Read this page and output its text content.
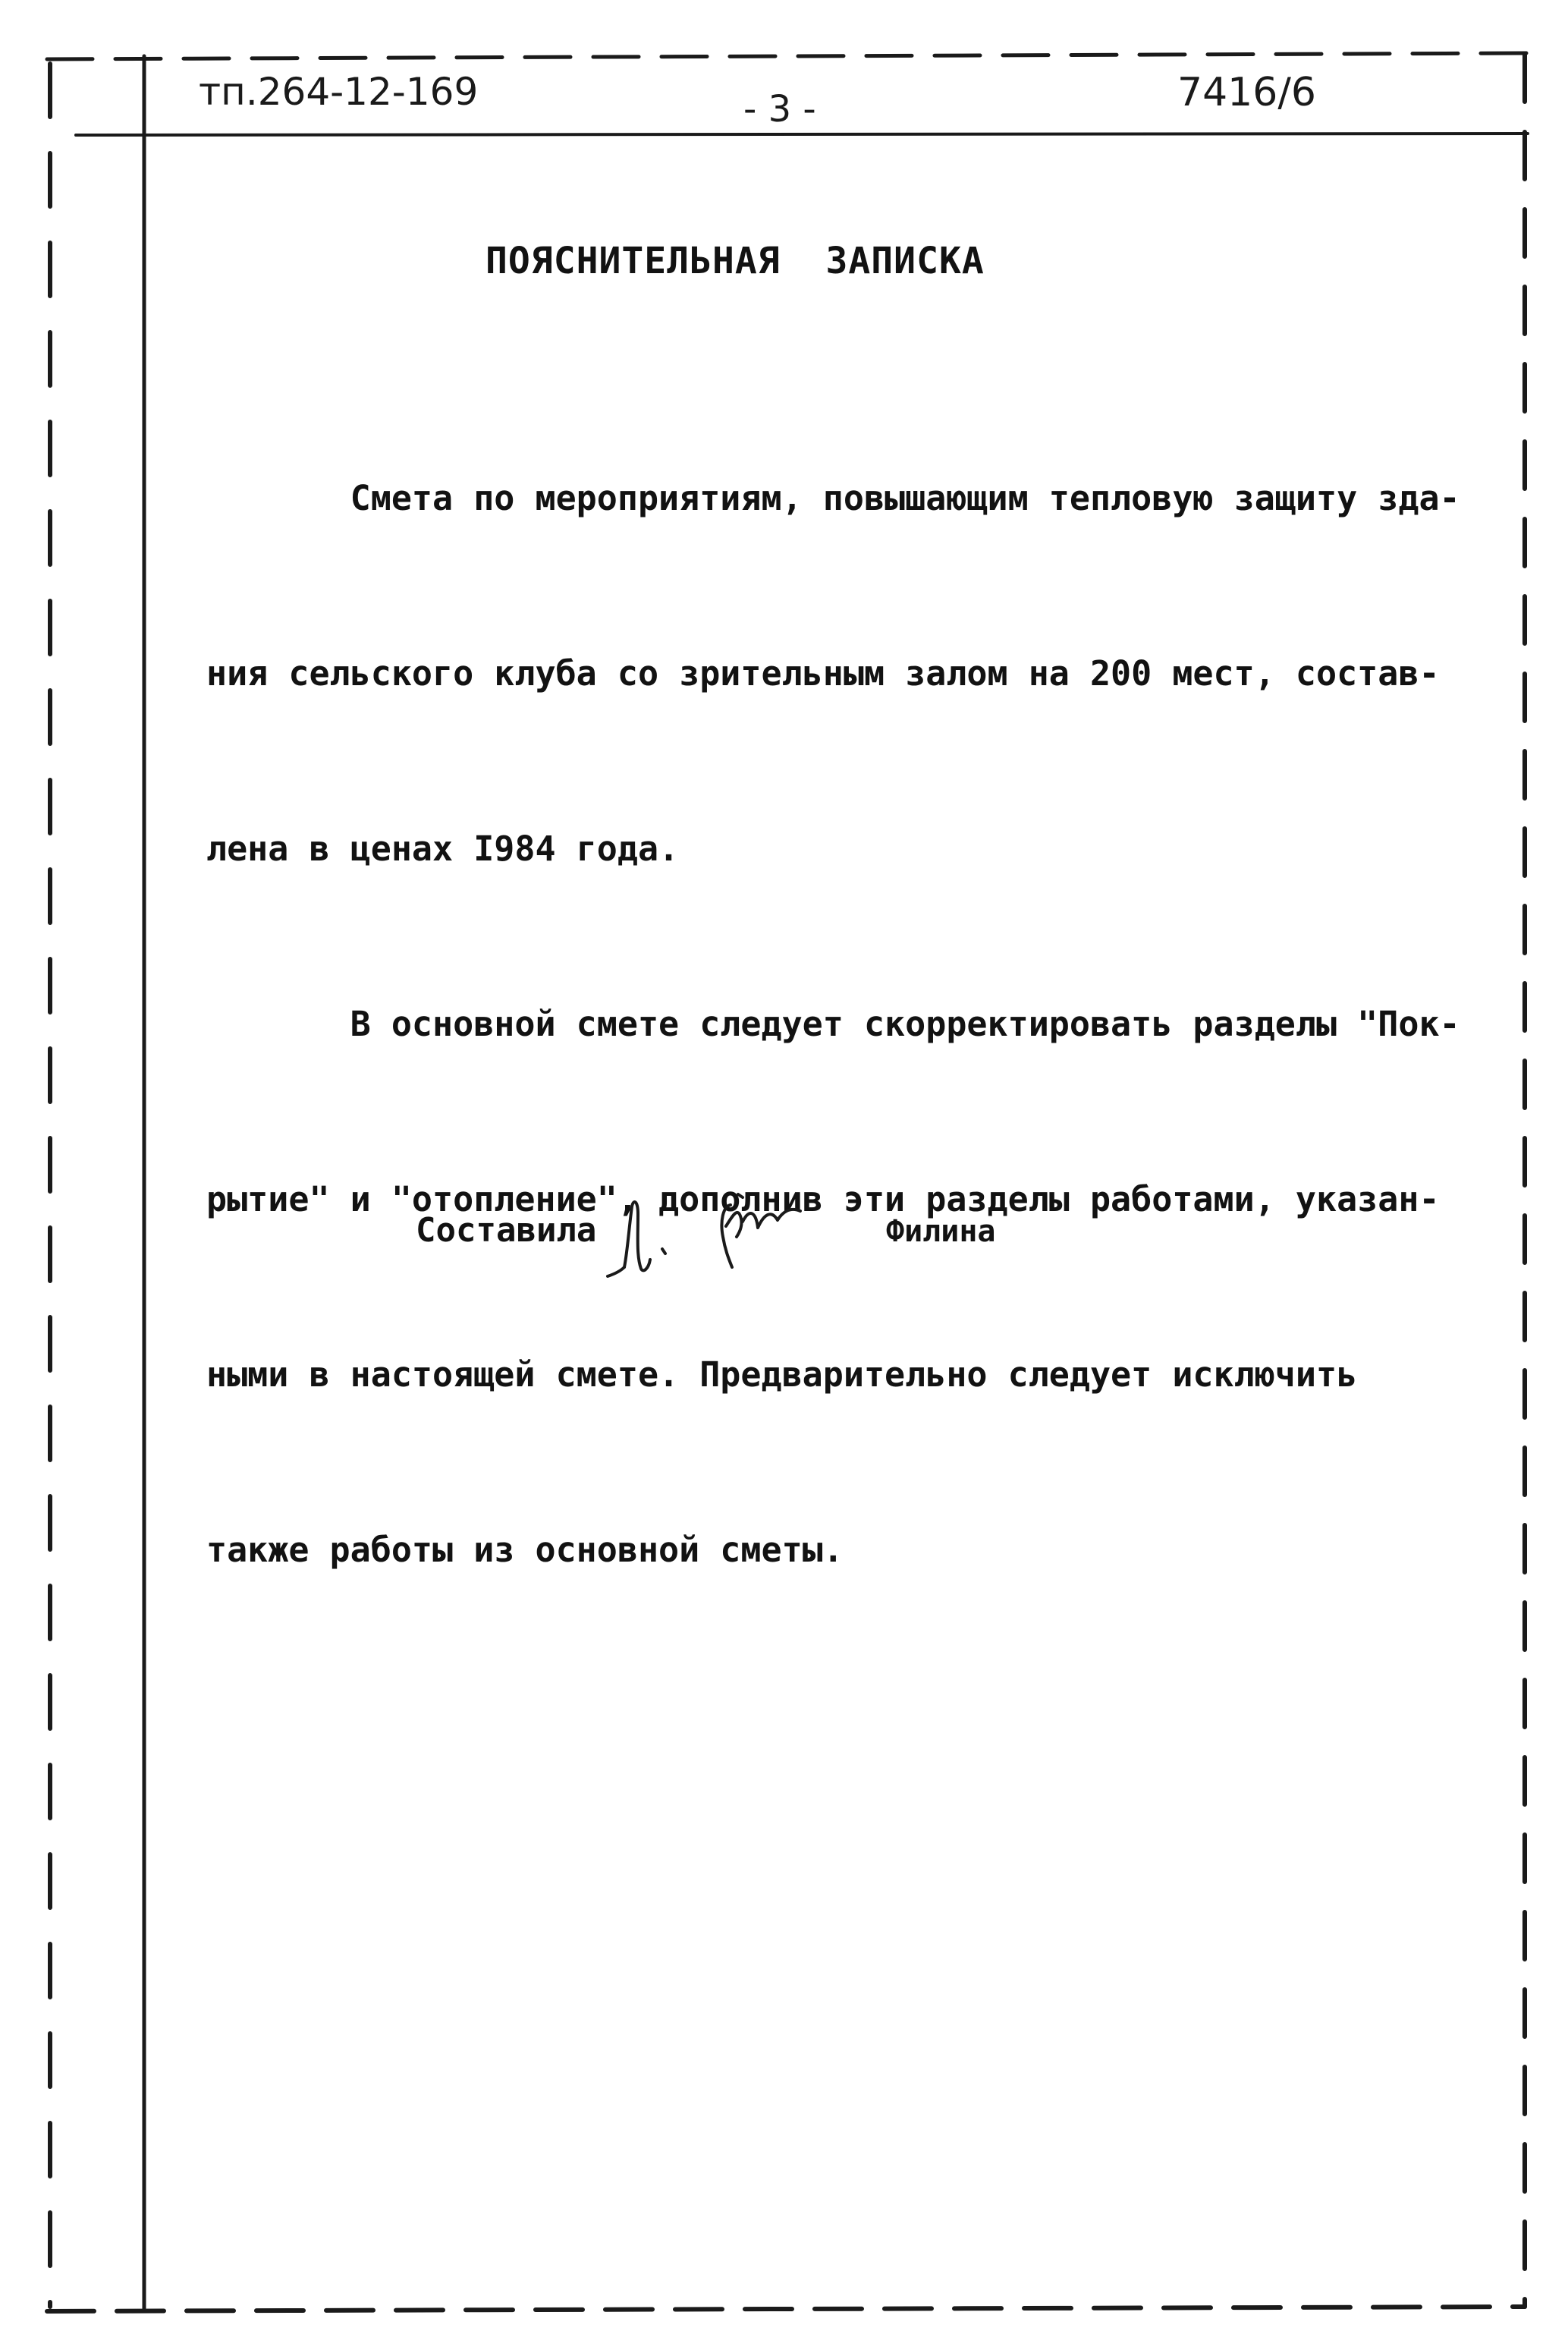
тп.264-12-169	- 3 -	7416/6
ПОЯСНИТЕЛЬНАЯ  ЗАПИСКА

Смета по мероприятиям, повышающим тепловую защиту зда-

ния сельского клуба со зрительным залом на 200 мест, состав-

лена в ценах I984 года.

В основной смете следует скорректировать разделы "Пок-

рытие" и "отопление", дополнив эти разделы работами, указан-

ными в настоящей смете. Предварительно следует исключить

также работы из основной сметы.

Составила	Филина
